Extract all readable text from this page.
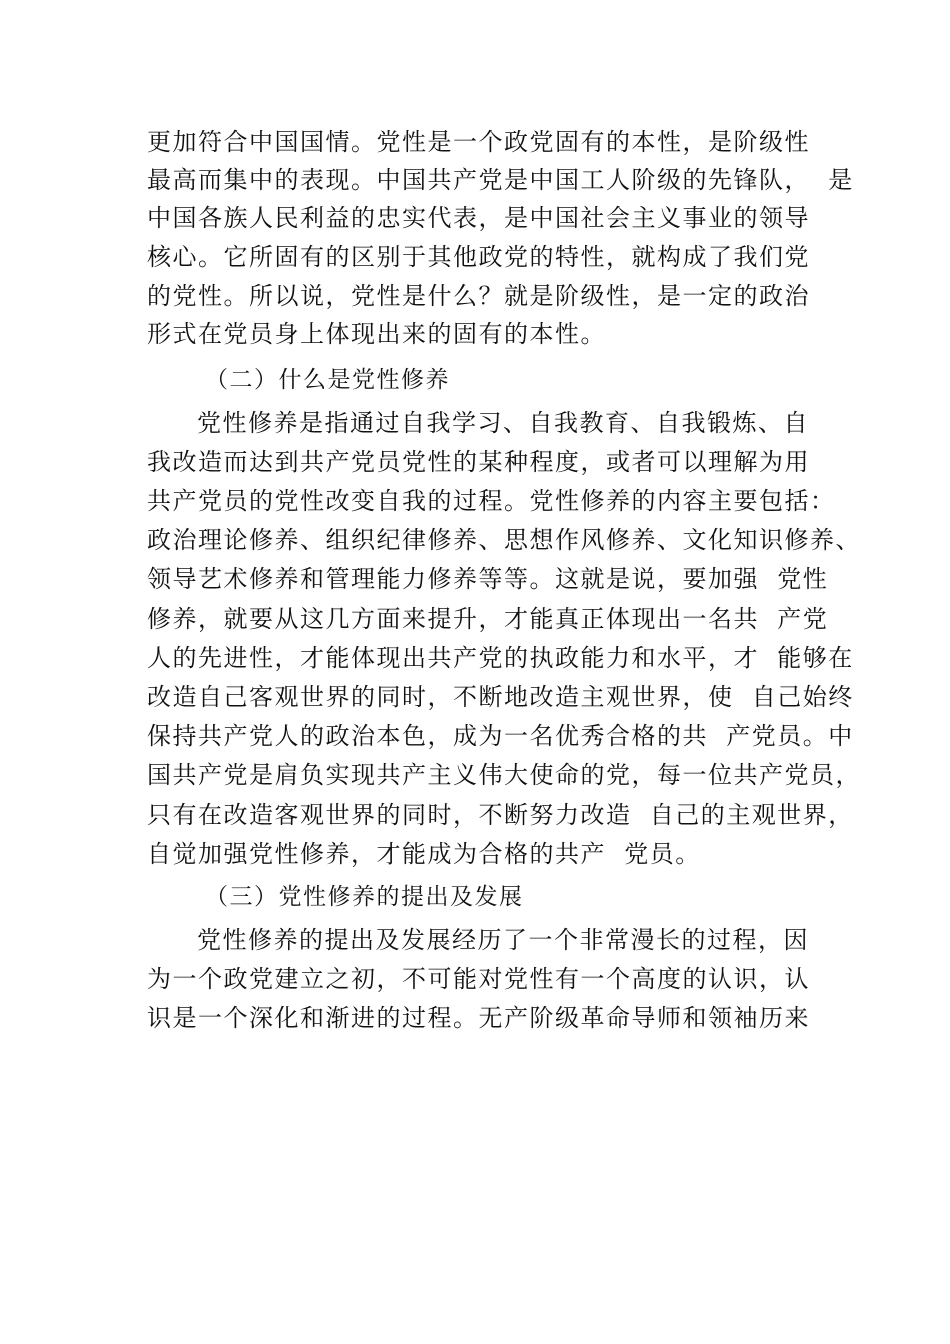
更加符合中国国情。党性是一个政党固有的本性，是阶级性
最高而集中的表现。中国共产党是中国工人阶级的先锋队，  是
中国各族人民利益的忠实代表，是中国社会主义事业的领导
核心。它所固有的区别于其他政党的特性，就构成了我们党
的党性。所以说，党性是什么？就是阶级性，是一定的政治
形式在党员身上体现出来的固有的本性。
（二）什么是党性修养
党性修养是指通过自我学习、自我教育、自我锻炼、自
我改造而达到共产党员党性的某种程度，或者可以理解为用
共产党员的党性改变自我的过程。党性修养的内容主要包括：
政治理论修养、组织纪律修养、思想作风修养、文化知识修养、
领导艺术修养和管理能力修养等等。这就是说，要加强  党性
修养，就要从这几方面来提升，才能真正体现出一名共  产党
人的先进性，才能体现出共产党的执政能力和水平，才  能够在
改造自己客观世界的同时，不断地改造主观世界，使  自己始终
保持共产党人的政治本色，成为一名优秀合格的共  产党员。中
国共产党是肩负实现共产主义伟大使命的党，每一位共产党员，
只有在改造客观世界的同时，不断努力改造  自己的主观世界，
自觉加强党性修养，才能成为合格的共产  党员。
（三）党性修养的提出及发展
党性修养的提出及发展经历了一个非常漫长的过程，因
为一个政党建立之初，不可能对党性有一个高度的认识，认
识是一个深化和渐进的过程。无产阶级革命导师和领袖历来
